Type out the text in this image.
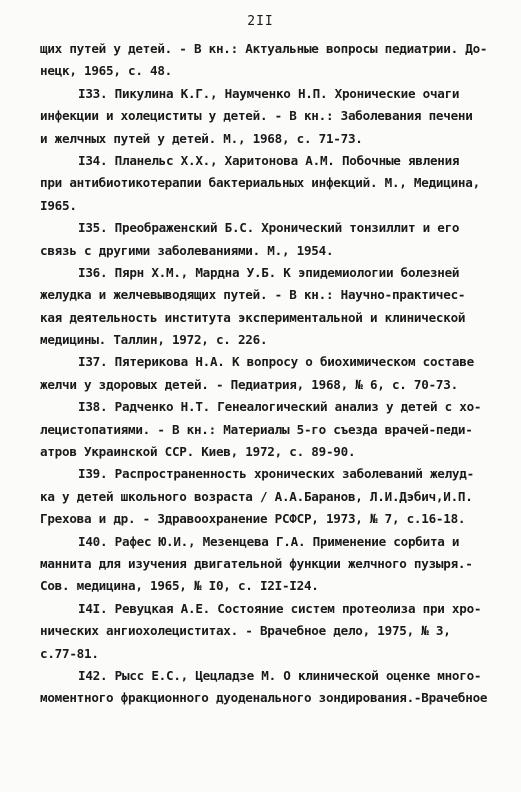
2II
щих путей у детей. - В кн.: Актуальные вопросы педиатрии. До-
нецк, 1965, с. 48.
I33. Пикулина К.Г., Наумченко Н.П. Хронические очаги
инфекции и холециститы у детей. - В кн.: Заболевания печени
и желчных путей у детей. М., 1968, с. 71-73.
I34. Планельс Х.Х., Харитонова А.М. Побочные явления
при антибиотикотерапии бактериальных инфекций. М., Медицина,
I965.
I35. Преображенский Б.С. Хронический тонзиллит и его
связь с другими заболеваниями. М., 1954.
I36. Пярн Х.М., Мардна У.Б. К эпидемиологии болезней
желудка и желчевыводящих путей. - В кн.: Научно-практичес-
кая деятельность института экспериментальной и клинической
медицины. Таллин, 1972, с. 226.
I37. Пятерикова Н.А. К вопросу о биохимическом составе
желчи у здоровых детей. - Педиатрия, 1968, № 6, с. 70-73.
I38. Радченко Н.Т. Генеалогический анализ у детей с хо-
лецистопатиями. - В кн.: Материалы 5-го съезда врачей-педи-
атров Украинской ССР. Киев, 1972, с. 89-90.
I39. Распространенность хронических заболеваний желуд-
ка у детей школьного возраста / А.А.Баранов, Л.И.Дэбич,И.П.
Грехова и др. - Здравоохранение РСФСР, 1973, № 7, с.16-18.
I40. Рафес Ю.И., Мезенцева Г.А. Применение сорбита и
маннита для изучения двигательной функции желчного пузыря.-
Сов. медицина, 1965, № I0, с. I2I-I24.
I4I. Ревуцкая А.Е. Состояние систем протеолиза при хро-
нических ангиохолециститах. - Врачебное дело, 1975, № 3,
с.77-81.
I42. Рысс Е.С., Цецладзе М. О клинической оценке много-
моментного фракционного дуоденального зондирования.-Врачебное
